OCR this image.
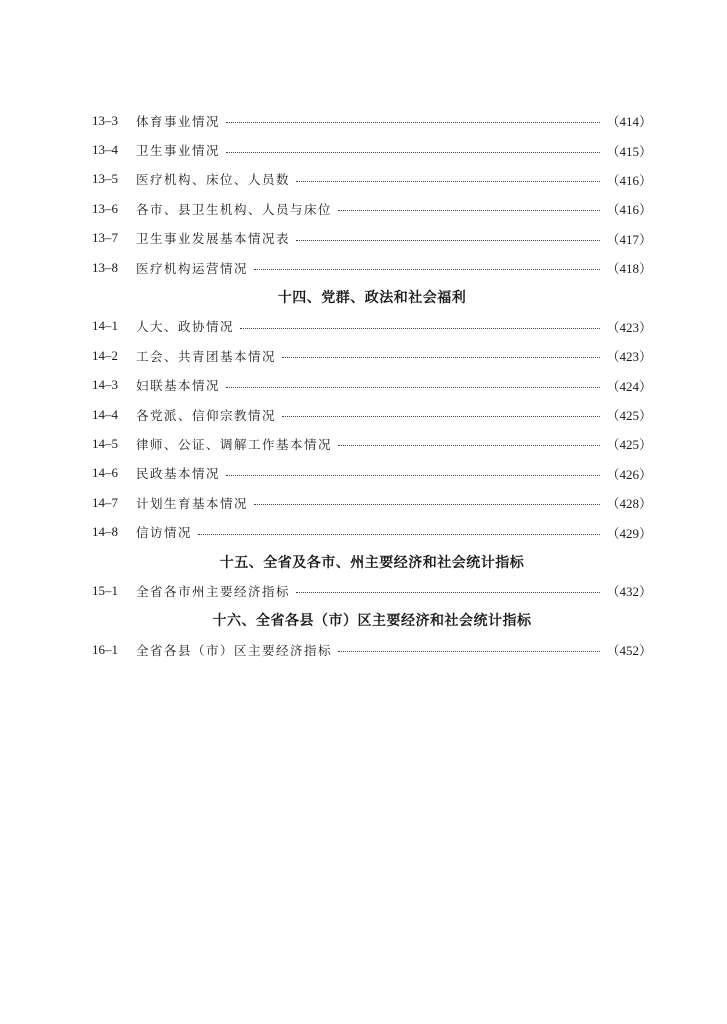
13–3	体育事业情况	（414）
13–4	卫生事业情况	（415）
13–5	医疗机构、床位、人员数	（416）
13–6	各市、县卫生机构、人员与床位	（416）
13–7	卫生事业发展基本情况表	（417）
13–8	医疗机构运营情况	（418）
十四、党群、政法和社会福利
14–1	人大、政协情况	（423）
14–2	工会、共青团基本情况	（423）
14–3	妇联基本情况	（424）
14–4	各党派、信仰宗教情况	（425）
14–5	律师、公证、调解工作基本情况	（425）
14–6	民政基本情况	（426）
14–7	计划生育基本情况	（428）
14–8	信访情况	（429）
十五、全省及各市、州主要经济和社会统计指标
15–1	全省各市州主要经济指标	（432）
十六、全省各县（市）区主要经济和社会统计指标
16–1	全省各县（市）区主要经济指标	（452）
